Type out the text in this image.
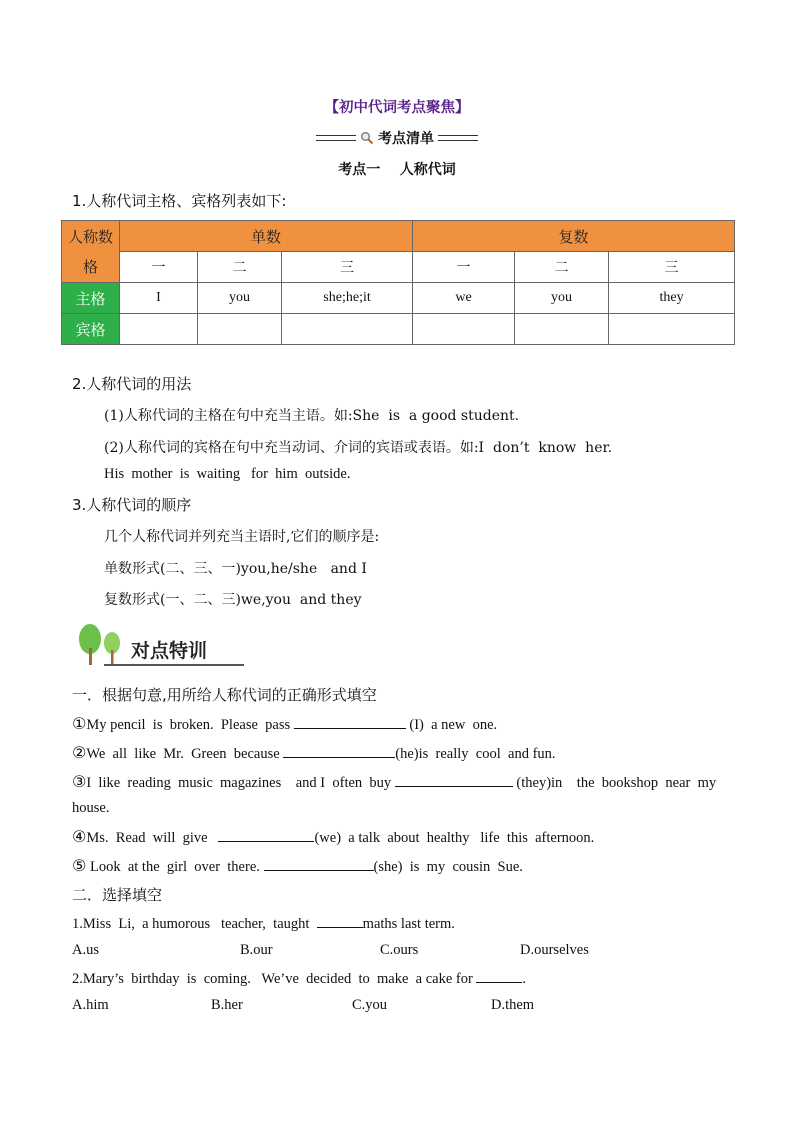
【初中代词考点聚焦】
考点清单
考点一    人称代词
1.人称代词主格、宾格列表如下:
人称数
格	单数			复数		
	一	二	三	一	二	三
主格	I	you	she;he;it	we	you	they
宾格						
2.人称代词的用法
(1)人称代词的主格在句中充当主语。如:She  is  a good student.
(2)人称代词的宾格在句中充当动词、介词的宾语或表语。如:I  don’t  know  her.
His  mother  is  waiting   for  him  outside.
3.人称代词的顺序
几个人称代词并列充当主语时,它们的顺序是:
单数形式(二、三、一)you,he/she   and I
复数形式(一、二、三)we,you  and they
对点特训
一．根据句意,用所给人称代词的正确形式填空
①My pencil  is  broken.  Please  pass	(I)  a new  one.
②We  all  like  Mr.  Green  because	(he)is  really  cool  and fun.
③I  like  reading  music  magazines    and I  often  buy	(they)in    the  bookshop  near  my
house.
④Ms.  Read  will  give	(we)  a talk  about  healthy   life  this  afternoon.
⑤ Look  at the  girl  over  there.	(she)  is  my  cousin  Sue.
二．选择填空
1.Miss  Li,  a humorous   teacher,  taught	maths last term.
A.us	B.our	C.ours	D.ourselves
2.Mary’s  birthday  is  coming.   We’ve  decided  to  make  a cake for	.
A.him	B.her	C.you	D.them
